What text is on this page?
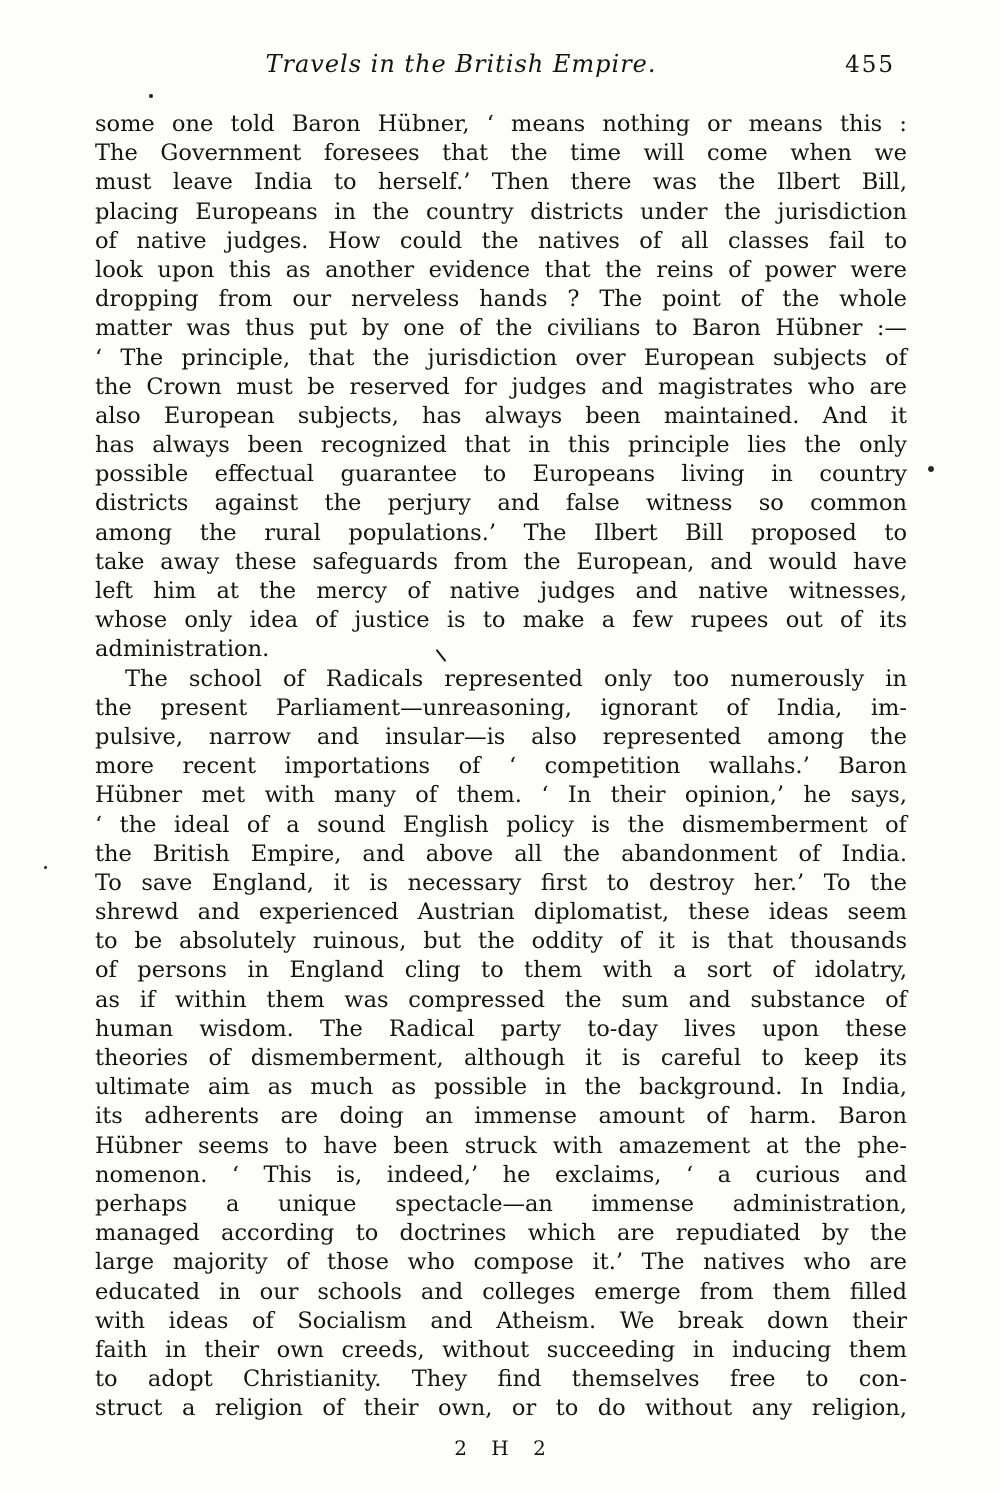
Travels in the British Empire.	455
some one told Baron Hübner, ‘ means nothing or means this :
The Government foresees that the time will come when we
must leave India to herself.’ Then there was the Ilbert Bill,
placing Europeans in the country districts under the jurisdiction
of native judges. How could the natives of all classes fail to
look upon this as another evidence that the reins of power were
dropping from our nerveless hands ? The point of the whole
matter was thus put by one of the civilians to Baron Hübner :—
‘ The principle, that the jurisdiction over European subjects of
the Crown must be reserved for judges and magistrates who are
also European subjects, has always been maintained. And it
has always been recognized that in this principle lies the only
possible effectual guarantee to Europeans living in country
districts against the perjury and false witness so common
among the rural populations.’ The Ilbert Bill proposed to
take away these safeguards from the European, and would have
left him at the mercy of native judges and native witnesses,
whose only idea of justice is to make a few rupees out of its
administration.
The school of Radicals represented only too numerously in
the present Parliament—unreasoning, ignorant of India, im-
pulsive, narrow and insular—is also represented among the
more recent importations of ‘ competition wallahs.’ Baron
Hübner met with many of them. ‘ In their opinion,’ he says,
‘ the ideal of a sound English policy is the dismemberment of
the British Empire, and above all the abandonment of India.
To save England, it is necessary first to destroy her.’ To the
shrewd and experienced Austrian diplomatist, these ideas seem
to be absolutely ruinous, but the oddity of it is that thousands
of persons in England cling to them with a sort of idolatry,
as if within them was compressed the sum and substance of
human wisdom. The Radical party to-day lives upon these
theories of dismemberment, although it is careful to keep its
ultimate aim as much as possible in the background. In India,
its adherents are doing an immense amount of harm. Baron
Hübner seems to have been struck with amazement at the phe-
nomenon. ‘ This is, indeed,’ he exclaims, ‘ a curious and
perhaps a unique spectacle—an immense administration,
managed according to doctrines which are repudiated by the
large majority of those who compose it.’ The natives who are
educated in our schools and colleges emerge from them filled
with ideas of Socialism and Atheism. We break down their
faith in their own creeds, without succeeding in inducing them
to adopt Christianity. They find themselves free to con-
struct a religion of their own, or to do without any religion,
2 H 2
